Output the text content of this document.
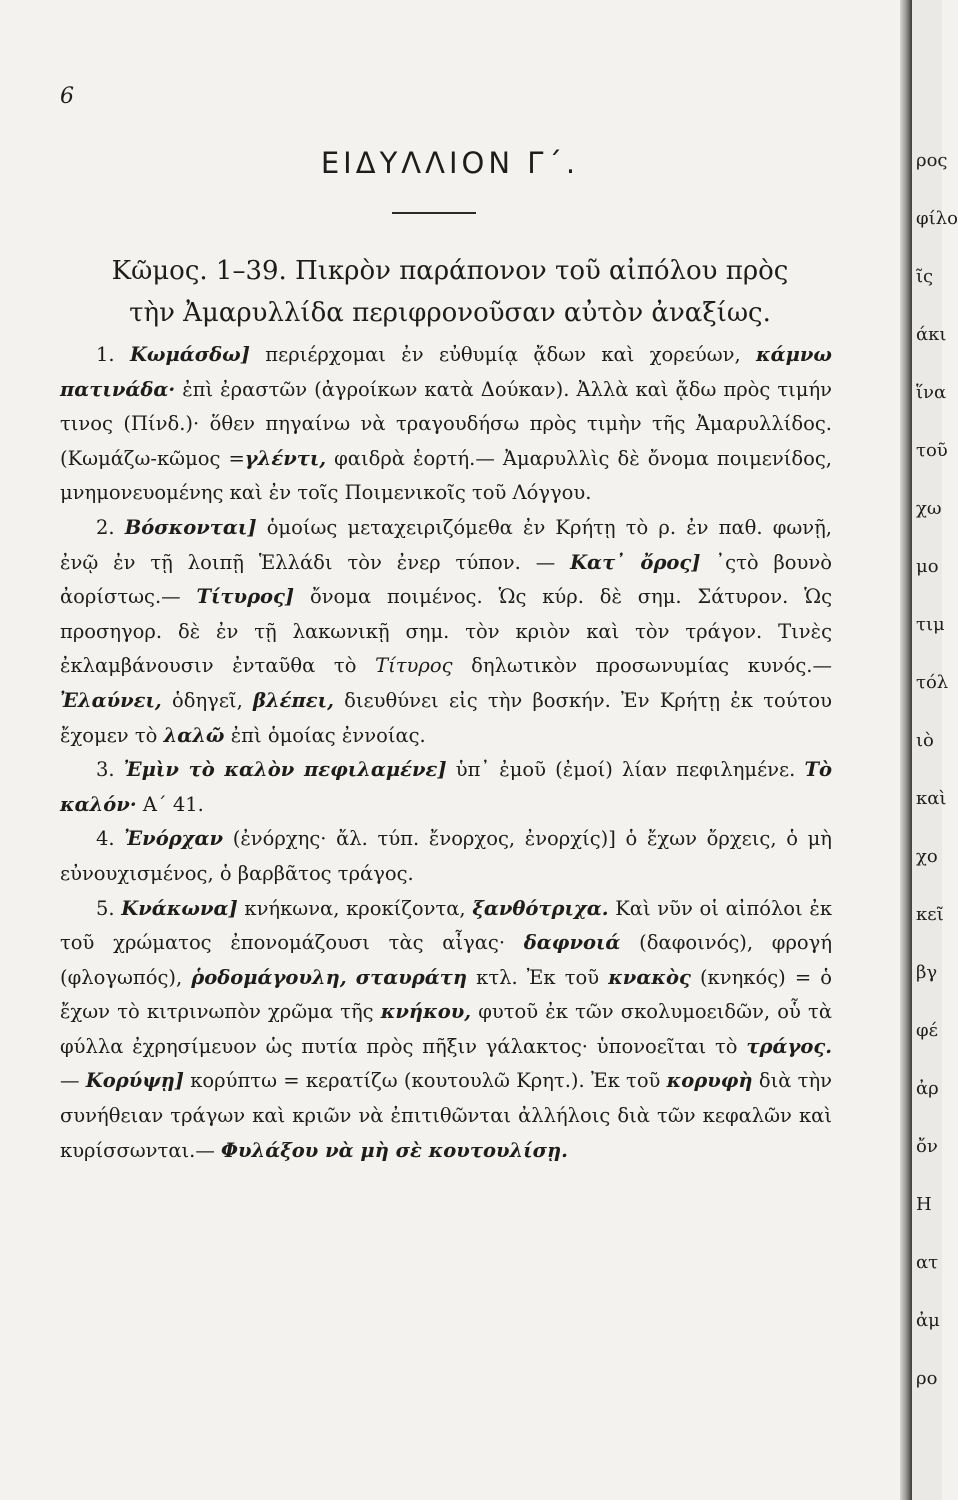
6
ΕΙΔΥΛΛΙΟΝ Γ΄.
Κῶμος. 1–39. Πικρὸν παράπονον τοῦ αἰπόλου πρὸς
τὴν Ἀμαρυλλίδα περιφρονοῦσαν αὐτὸν ἀναξίως.

1. Κωμάσδω] περιέρχομαι ἐν εὐθυμίᾳ ᾄδων καὶ χορεύων, κάμνω πατινάδα· ἐπὶ ἐραστῶν (ἀγροίκων κατὰ Δούκαν). Ἀλλὰ καὶ ᾄδω πρὸς τιμήν τινος (Πίνδ.)· ὅθεν πηγαίνω νὰ τραγουδήσω πρὸς τιμὴν τῆς Ἀμαρυλλίδος. (Κωμάζω-κῶμος =γλέντι, φαιδρὰ ἑορτή.— Ἀμαρυλλὶς δὲ ὄνομα ποιμενίδος, μνημονευομένης καὶ ἐν τοῖς Ποιμενικοῖς τοῦ Λόγγου.

2. Βόσκονται] ὁμοίως μεταχειριζόμεθα ἐν Κρήτῃ τὸ ρ. ἐν παθ. φωνῇ, ἐνῷ ἐν τῇ λοιπῇ Ἑλλάδι τὸν ἐνερ τύπον. — Κατ᾽ ὄρος] ᾽ςτὸ βουνὸ ἀορίστως.— Τίτυρος] ὄνομα ποιμένος. Ὡς κύρ. δὲ σημ. Σάτυρον. Ὡς προσηγορ. δὲ ἐν τῇ λακωνικῇ σημ. τὸν κριὸν καὶ τὸν τράγον. Τινὲς ἐκλαμβάνουσιν ἐνταῦθα τὸ Τίτυρος δηλωτικὸν προσωνυμίας κυνός.— Ἐλαύνει, ὁδηγεῖ, βλέπει, διευθύνει εἰς τὴν βοσκήν. Ἐν Κρήτῃ ἐκ τούτου ἔχομεν τὸ λαλῶ ἐπὶ ὁμοίας ἐννοίας.

3. Ἐμὶν τὸ καλὸν πεφιλαμένε] ὑπ᾽ ἐμοῦ (ἐμοί) λίαν πεφιλημένε. Τὸ καλόν· Α΄ 41.

4. Ἐνόρχαν (ἐνόρχης· ἄλ. τύπ. ἔνορχος, ἐνορχίς)] ὁ ἔχων ὄρχεις, ὁ μὴ εὐνουχισμένος, ὁ βαρβᾶτος τράγος.

5. Κνάκωνα] κνήκωνα, κροκίζοντα, ξανθότριχα. Καὶ νῦν οἱ αἰπόλοι ἐκ τοῦ χρώματος ἐπονομάζουσι τὰς αἶγας· δαφνοιά (δαφοινός), φρογή (φλογωπός), ῥοδομάγουλη, σταυράτη κτλ. Ἐκ τοῦ κνακὸς (κνηκός) = ὁ ἔχων τὸ κιτρινωπὸν χρῶμα τῆς κνήκου, φυτοῦ ἐκ τῶν σκολυμοειδῶν, οὗ τὰ φύλλα ἐχρησίμευον ὡς πυτία πρὸς πῆξιν γάλακτος· ὑπονοεῖται τὸ τράγος. — Κορύψῃ] κορύπτω = κερατίζω (κουτουλῶ Κρητ.). Ἐκ τοῦ κορυφὴ διὰ τὴν συνήθειαν τράγων καὶ κριῶν νὰ ἐπιτιθῶνται ἀλλήλοις διὰ τῶν κεφαλῶν καὶ κυρίσσωνται.— Φυλάξου νὰ μὴ σὲ κουτουλίσῃ.

ρος
φίλο
ῖς
άκι
ἵνα
τοῦ
χω
μο
τιμ
τόλ
ιὸ
καὶ
χο
κεῖ
βγ
φέ
ἀρ
ὄν
Η
ατ
ἀμ
ρο
